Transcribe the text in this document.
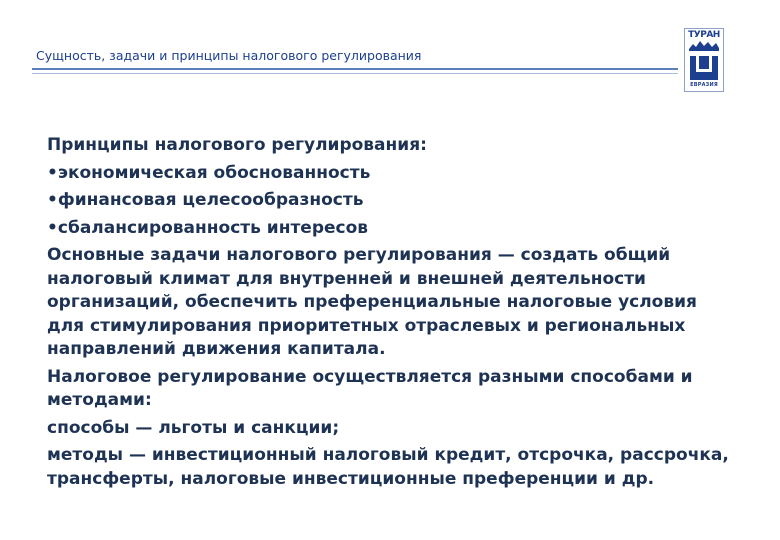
Сущность, задачи и принципы налогового регулирования
ТУРАН
ЕВРАЗИЯ

Принципы налогового регулирования:

•экономическая обоснованность

•финансовая целесообразность

•сбалансированность интересов

Основные задачи налогового регулирования — создать общий налоговый климат для внутренней и внешней деятельности организаций, обеспечить преференциальные налоговые условия для стимулирования приоритетных отраслевых и региональных направлений движения капитала.

Налоговое регулирование осуществляется разными способами и методами:

способы — льготы и санкции;

методы — инвестиционный налоговый кредит, отсрочка, рассрочка, трансферты, налоговые инвестиционные преференции и др.
